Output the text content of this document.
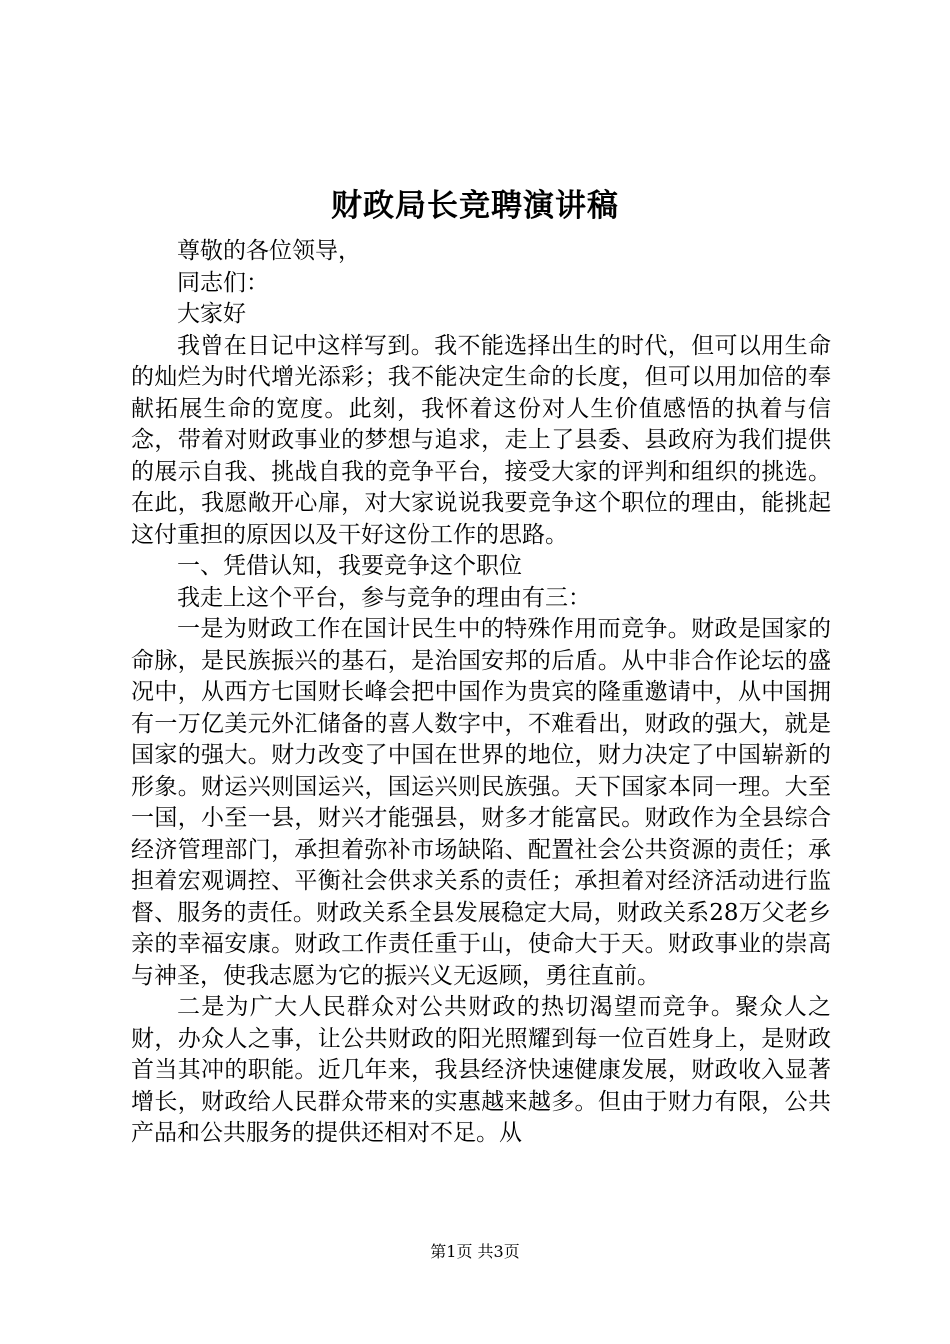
财政局长竞聘演讲稿

尊敬的各位领导，

同志们：

大家好

我曾在日记中这样写到。我不能选择出生的时代，但可以用生命的灿烂为时代增光添彩；我不能决定生命的长度，但可以用加倍的奉献拓展生命的宽度。此刻，我怀着这份对人生价值感悟的执着与信念，带着对财政事业的梦想与追求，走上了县委、县政府为我们提供的展示自我、挑战自我的竞争平台，接受大家的评判和组织的挑选。在此，我愿敞开心扉，对大家说说我要竞争这个职位的理由，能挑起这付重担的原因以及干好这份工作的思路。

一、凭借认知，我要竞争这个职位

我走上这个平台，参与竞争的理由有三：

一是为财政工作在国计民生中的特殊作用而竞争。财政是国家的命脉，是民族振兴的基石，是治国安邦的后盾。从中非合作论坛的盛况中，从西方七国财长峰会把中国作为贵宾的隆重邀请中，从中国拥有一万亿美元外汇储备的喜人数字中，不难看出，财政的强大，就是国家的强大。财力改变了中国在世界的地位，财力决定了中国崭新的形象。财运兴则国运兴，国运兴则民族强。天下国家本同一理。大至一国，小至一县，财兴才能强县，财多才能富民。财政作为全县综合经济管理部门，承担着弥补市场缺陷、配置社会公共资源的责任；承担着宏观调控、平衡社会供求关系的责任；承担着对经济活动进行监督、服务的责任。财政关系全县发展稳定大局，财政关系28万父老乡亲的幸福安康。财政工作责任重于山，使命大于天。财政事业的崇高与神圣，使我志愿为它的振兴义无返顾，勇往直前。

二是为广大人民群众对公共财政的热切渴望而竞争。聚众人之财，办众人之事，让公共财政的阳光照耀到每一位百姓身上，是财政首当其冲的职能。近几年来，我县经济快速健康发展，财政收入显著增长，财政给人民群众带来的实惠越来越多。但由于财力有限，公共产品和公共服务的提供还相对不足。从

第1页 共3页
